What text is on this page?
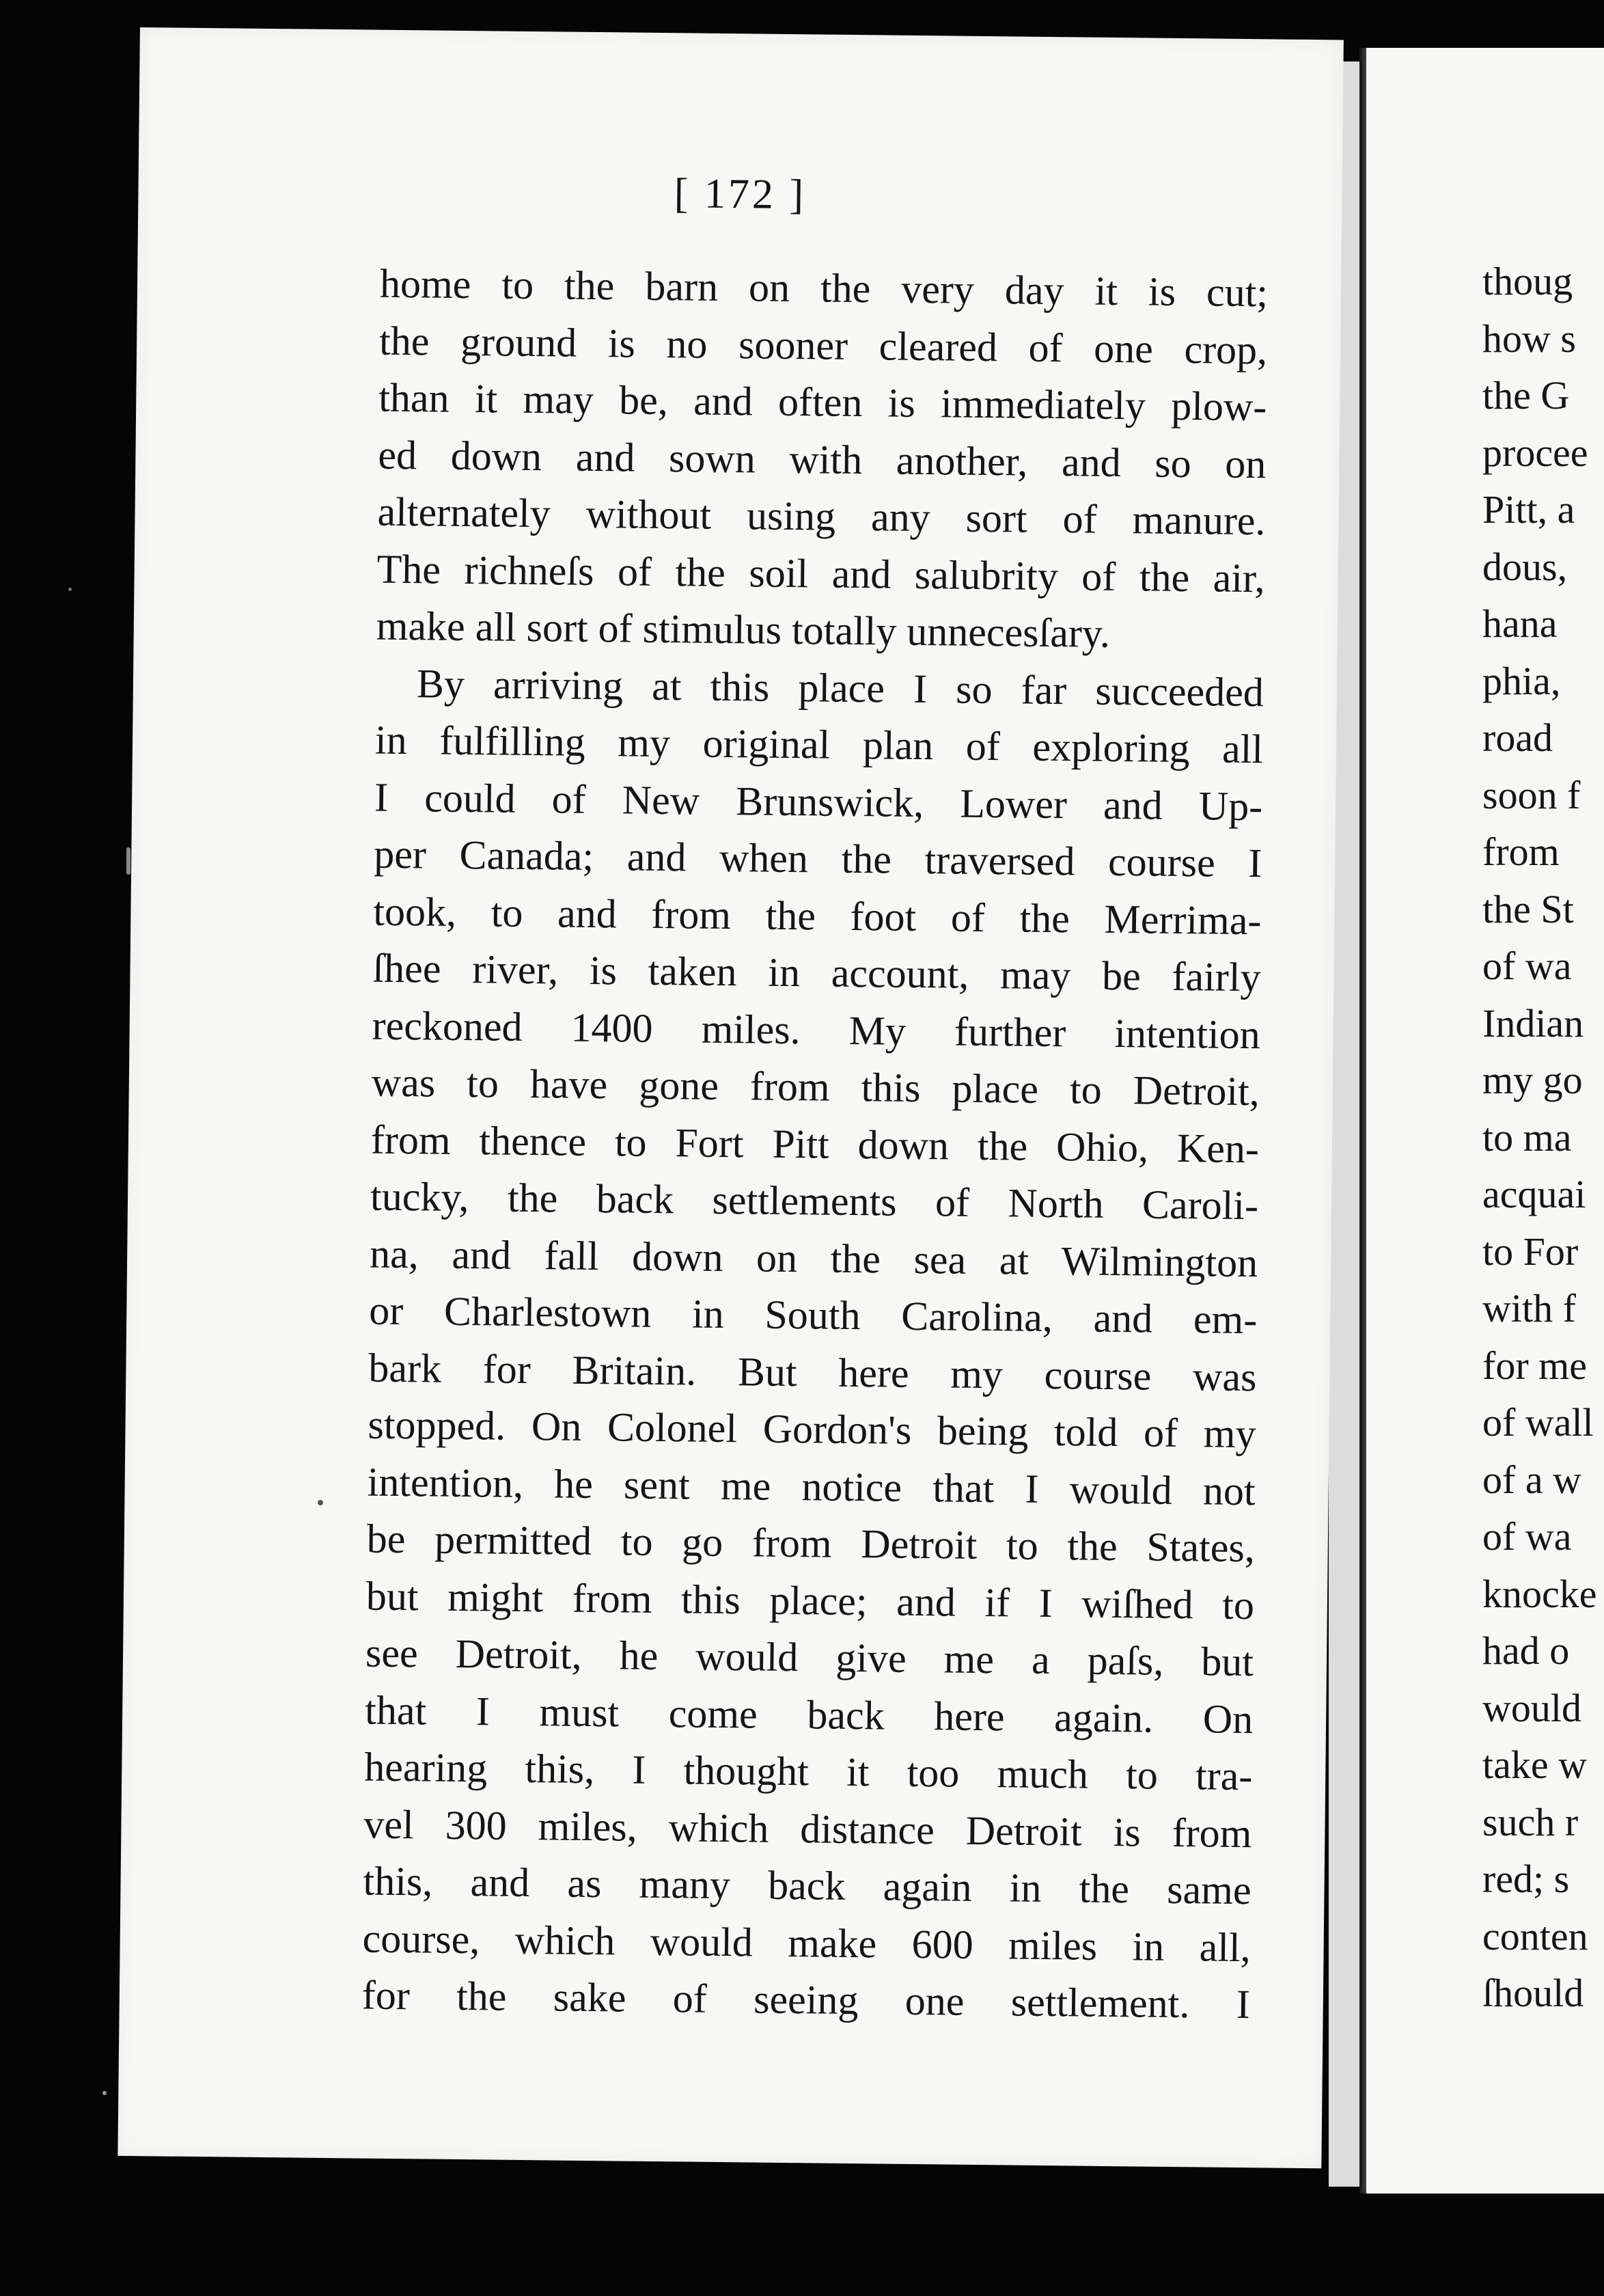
[ 172 ]
home to the barn on the very day it is cut;
the ground is no sooner cleared of one crop,
than it may be, and often is immediately plow-
ed down and sown with another, and so on
alternately without using any sort of manure.
The richneſs of the soil and salubrity of the air,
make all sort of stimulus totally unnecesſary.
By arriving at this place I so far succeeded
in fulfilling my original plan of exploring all
I could of New Brunswick, Lower and Up-
per Canada; and when the traversed course I
took, to and from the foot of the Merrima-
ſhee river, is taken in account, may be fairly
reckoned 1400 miles. My further intention
was to have gone from this place to Detroit,
from thence to Fort Pitt down the Ohio, Ken-
tucky, the back settlements of North Caroli-
na, and fall down on the sea at Wilmington
or Charlestown in South Carolina, and em-
bark for Britain. But here my course was
stopped. On Colonel Gordon's being told of my
intention, he sent me notice that I would not
be permitted to go from Detroit to the States,
but might from this place; and if I wiſhed to
see Detroit, he would give me a paſs, but
that I must come back here again. On
hearing this, I thought it too much to tra-
vel 300 miles, which distance Detroit is from
this, and as many back again in the same
course, which would make 600 miles in all,
for the sake of seeing one settlement. I
thoug
how s
the G
procee
Pitt, a
dous,
hana
phia,
road
soon f
from
the St
of wa
Indian
my go
to ma
acquai
to For
with f
for me
of wall
of a w
of wa
knocke
had o
would
take w
such r
red; s
conten
ſhould
